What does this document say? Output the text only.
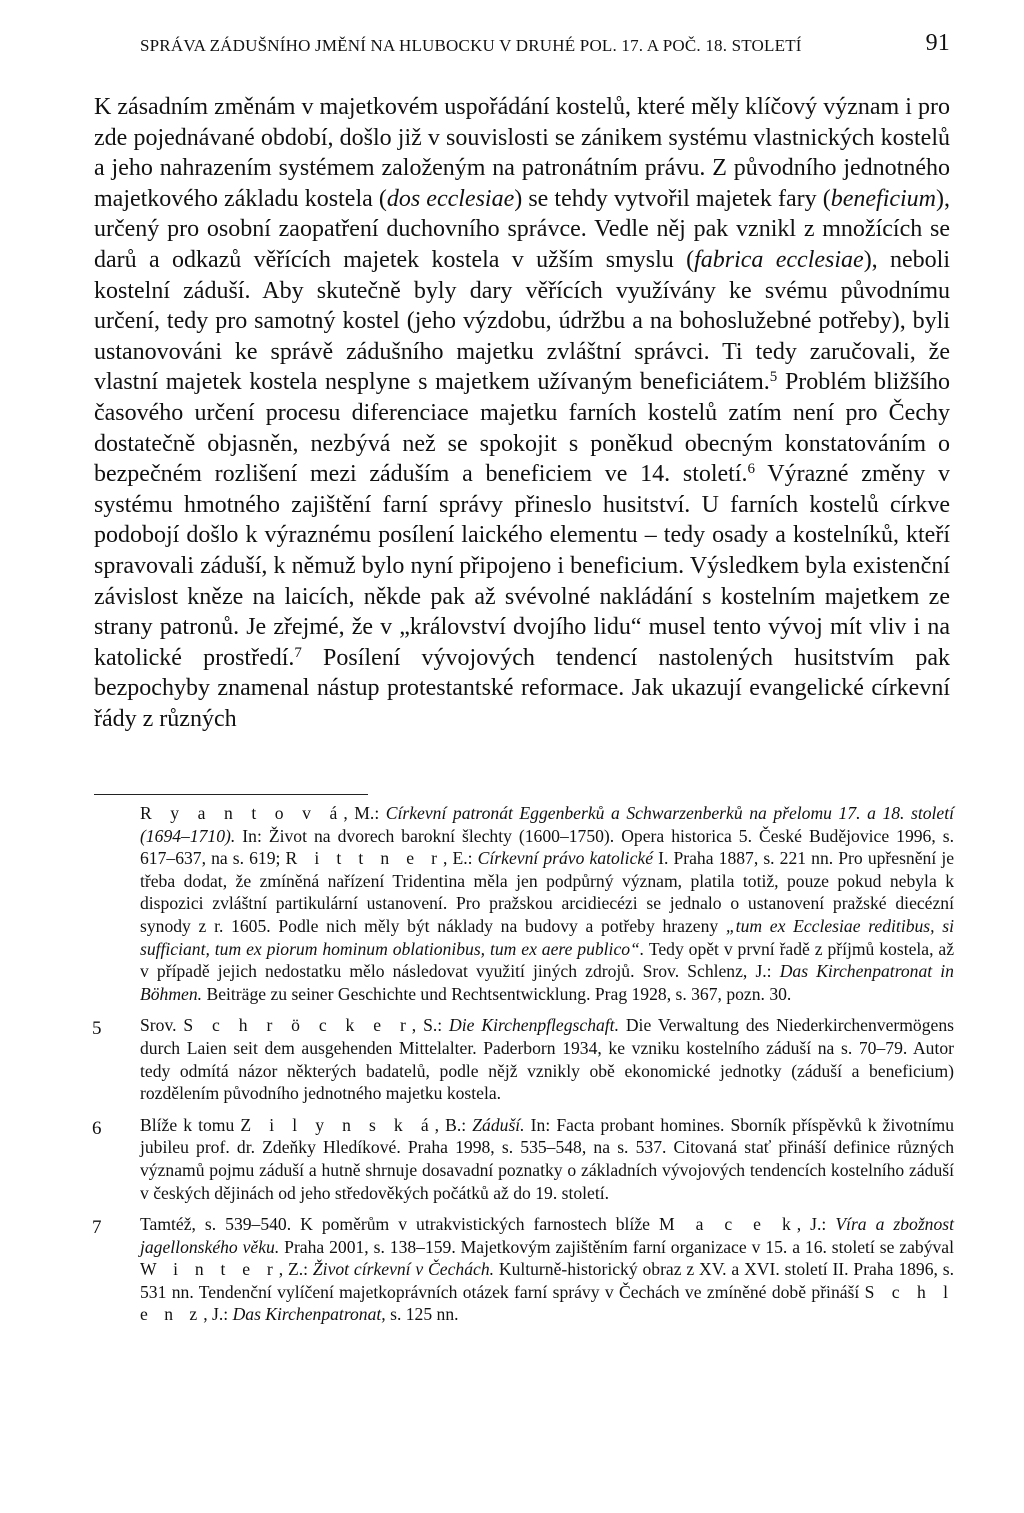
SPRÁVA ZÁDUŠNÍHO JMĚNÍ NA HLUBOCKU V DRUHÉ POL. 17. A POČ. 18. STOLETÍ	91

K zásadním změnám v majetkovém uspořádání kostelů, které měly klíčový význam i pro zde pojednávané období, došlo již v souvislosti se zánikem systému vlastnických kostelů a jeho nahrazením systémem založeným na patronátním právu. Z původního jednotného majetkového základu kostela (dos ecclesiae) se tehdy vytvořil majetek fary (beneficium), určený pro osobní zaopatření duchovního správce. Vedle něj pak vznikl z množících se darů a odkazů věřících majetek kostela v užším smyslu (fabrica ecclesiae), neboli kostelní záduší. Aby skutečně byly dary věřících využívány ke svému původnímu určení, tedy pro samotný kostel (jeho výzdobu, údržbu a na bohoslužebné potřeby), byli ustanovováni ke správě zádušního majetku zvláštní správci. Ti tedy zaručovali, že vlastní majetek kostela nesplyne s majetkem užívaným beneficiátem.$^5$ Problém bližšího časového určení procesu diferenciace majetku farních kostelů zatím není pro Čechy dostatečně objasněn, nezbývá než se spokojit s poněkud obecným konstatováním o bezpečném rozlišení mezi záduším a beneficiem ve 14. století.$^6$ Výrazné změny v systému hmotného zajištění farní správy přineslo husitství. U farních kostelů církve podobojí došlo k výraznému posílení laického elementu – tedy osady a kostelníků, kteří spravovali záduší, k němuž bylo nyní připojeno i beneficium. Výsledkem byla existenční závislost kněze na laicích, někde pak až svévolné nakládání s kostelním majetkem ze strany patronů. Je zřejmé, že v „království dvojího lidu“ musel tento vývoj mít vliv i na katolické prostředí.$^7$ Posílení vývojových tendencí nastolených husitstvím pak bezpochyby znamenal nástup protestantské reformace. Jak ukazují evangelické církevní řády z různých

R y a n t o v á, M.: Církevní patronát Eggenberků a Schwarzenberků na přelomu 17. a 18. století (1694–1710). In: Život na dvorech barokní šlechty (1600–1750). Opera historica 5. České Budějovice 1996, s. 617–637, na s. 619; R i t t n e r, E.: Církevní právo katolické I. Praha 1887, s. 221 nn. Pro upřesnění je třeba dodat, že zmíněná nařízení Tridentina měla jen podpůrný význam, platila totiž, pouze pokud nebyla k dispozici zvláštní partikulární ustanovení. Pro pražskou arcidiecézi se jednalo o ustanovení pražské diecézní synody z r. 1605. Podle nich měly být náklady na budovy a potřeby hrazeny „tum ex Ecclesiae reditibus, si sufficiant, tum ex piorum hominum oblationibus, tum ex aere publico“. Tedy opět v první řadě z příjmů kostela, až v případě jejich nedostatku mělo následovat využití jiných zdrojů. Srov. Schlenz, J.: Das Kirchenpatronat in Böhmen. Beiträge zu seiner Geschichte und Rechtsentwicklung. Prag 1928, s. 367, pozn. 30.
5	Srov. S c h r ö c k e r, S.: Die Kirchenpflegschaft. Die Verwaltung des Niederkirchenvermögens durch Laien seit dem ausgehenden Mittelalter. Paderborn 1934, ke vzniku kostelního záduší na s. 70–79. Autor tedy odmítá názor některých badatelů, podle nějž vznikly obě ekonomické jednotky (záduší a beneficium) rozdělením původního jednotného majetku kostela.
6	Blíže k tomu Z i l y n s k á, B.: Záduší. In: Facta probant homines. Sborník příspěvků k životnímu jubileu prof. dr. Zdeňky Hledíkové. Praha 1998, s. 535–548, na s. 537. Citovaná stať přináší definice různých významů pojmu záduší a hutně shrnuje dosavadní poznatky o základních vývojových tendencích kostelního záduší v českých dějinách od jeho středověkých počátků až do 19. století.
7	Tamtéž, s. 539–540. K poměrům v utrakvistických farnostech blíže M a c e k, J.: Víra a zbožnost jagellonského věku. Praha 2001, s. 138–159. Majetkovým zajištěním farní organizace v 15. a 16. století se zabýval W i n t e r, Z.: Život církevní v Čechách. Kulturně-historický obraz z XV. a XVI. století II. Praha 1896, s. 531 nn. Tendenční vylíčení majetkoprávních otázek farní správy v Čechách ve zmíněné době přináší S c h l e n z, J.: Das Kirchenpatronat, s. 125 nn.
